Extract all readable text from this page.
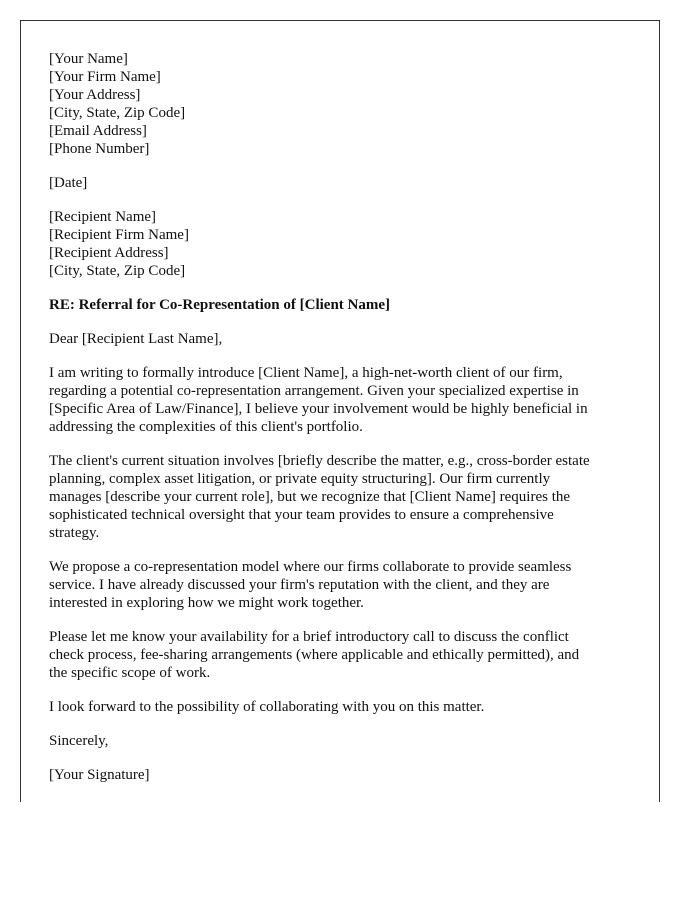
[Your Name]
[Your Firm Name]
[Your Address]
[City, State, Zip Code]
[Email Address]
[Phone Number]
[Date]
[Recipient Name]
[Recipient Firm Name]
[Recipient Address]
[City, State, Zip Code]
RE: Referral for Co-Representation of [Client Name]
Dear [Recipient Last Name],
I am writing to formally introduce [Client Name], a high-net-worth client of our firm,
regarding a potential co-representation arrangement. Given your specialized expertise in
[Specific Area of Law/Finance], I believe your involvement would be highly beneficial in
addressing the complexities of this client's portfolio.
The client's current situation involves [briefly describe the matter, e.g., cross-border estate
planning, complex asset litigation, or private equity structuring]. Our firm currently
manages [describe your current role], but we recognize that [Client Name] requires the
sophisticated technical oversight that your team provides to ensure a comprehensive
strategy.
We propose a co-representation model where our firms collaborate to provide seamless
service. I have already discussed your firm's reputation with the client, and they are
interested in exploring how we might work together.
Please let me know your availability for a brief introductory call to discuss the conflict
check process, fee-sharing arrangements (where applicable and ethically permitted), and
the specific scope of work.
I look forward to the possibility of collaborating with you on this matter.
Sincerely,
[Your Signature]
